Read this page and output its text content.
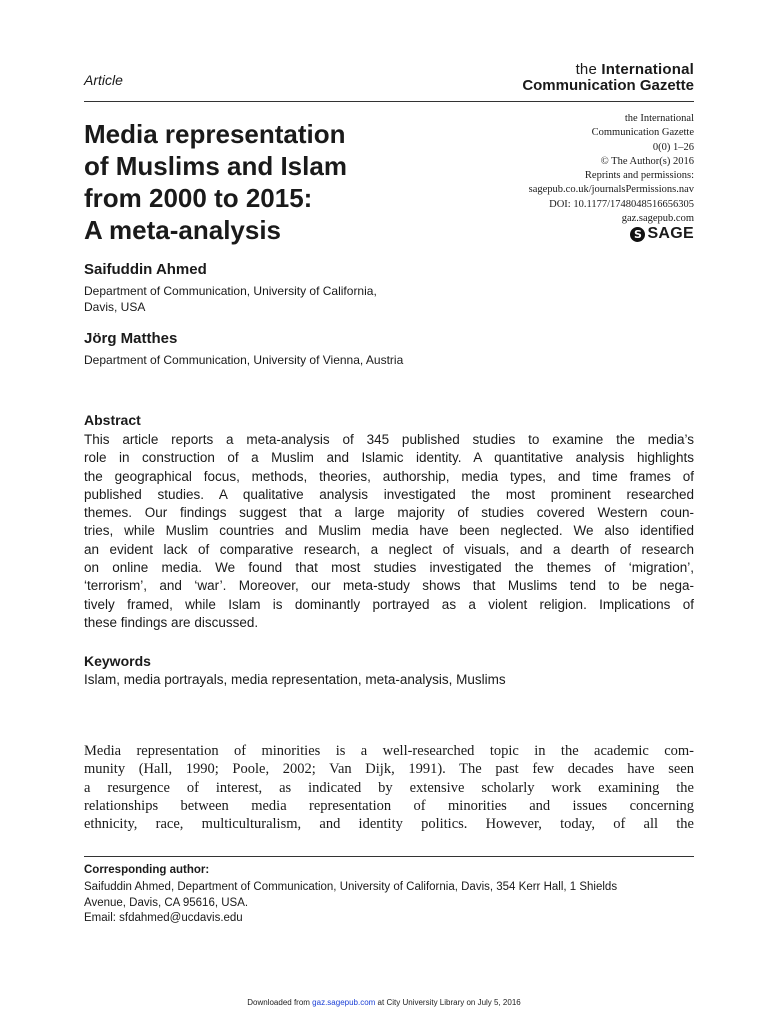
Article
the International
Communication Gazette
Media representation
of Muslims and Islam
from 2000 to 2015:
A meta-analysis
the International
Communication Gazette
0(0) 1–26
© The Author(s) 2016
Reprints and permissions:
sagepub.co.uk/journalsPermissions.nav
DOI: 10.1177/1748048516656305
gaz.sagepub.com
S SAGE
Saifuddin Ahmed
Department of Communication, University of California,
Davis, USA
Jörg Matthes
Department of Communication, University of Vienna, Austria
Abstract
This article reports a meta-analysis of 345 published studies to examine the media’s
role in construction of a Muslim and Islamic identity. A quantitative analysis highlights
the geographical focus, methods, theories, authorship, media types, and time frames of
published studies. A qualitative analysis investigated the most prominent researched
themes. Our findings suggest that a large majority of studies covered Western coun-
tries, while Muslim countries and Muslim media have been neglected. We also identified
an evident lack of comparative research, a neglect of visuals, and a dearth of research
on online media. We found that most studies investigated the themes of ‘migration’,
‘terrorism’, and ‘war’. Moreover, our meta-study shows that Muslims tend to be nega-
tively framed, while Islam is dominantly portrayed as a violent religion. Implications of
these findings are discussed.
Keywords
Islam, media portrayals, media representation, meta-analysis, Muslims
Media representation of minorities is a well-researched topic in the academic com-
munity (Hall, 1990; Poole, 2002; Van Dijk, 1991). The past few decades have seen
a resurgence of interest, as indicated by extensive scholarly work examining the
relationships between media representation of minorities and issues concerning
ethnicity, race, multiculturalism, and identity politics. However, today, of all the
Corresponding author:
Saifuddin Ahmed, Department of Communication, University of California, Davis, 354 Kerr Hall, 1 Shields
Avenue, Davis, CA 95616, USA.
Email: sfdahmed@ucdavis.edu
Downloaded from gaz.sagepub.com at City University Library on July 5, 2016
